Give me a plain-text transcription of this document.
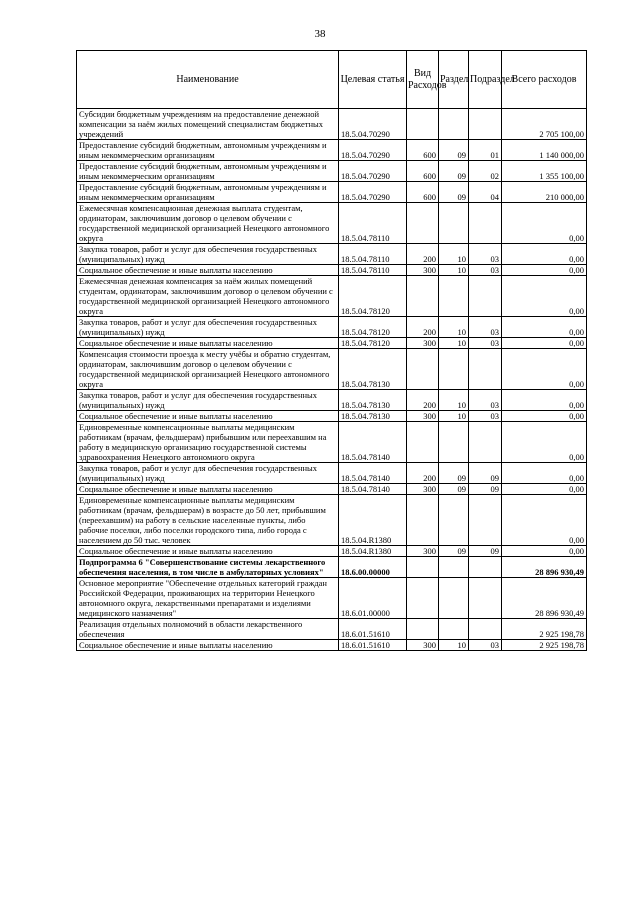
38
Наименование	Целевая статья	Вид Расходов	Раздел	Подраздел	Всего расходов
Субсидии бюджетным учреждениям на предоставление денежной компенсации за наём жилых помещений специалистам бюджетных учреждений	18.5.04.70290				2 705 100,00
Предоставление субсидий бюджетным, автономным учреждениям и иным некоммерческим организациям	18.5.04.70290	600	09	01	1 140 000,00
Предоставление субсидий бюджетным, автономным учреждениям и иным некоммерческим организациям	18.5.04.70290	600	09	02	1 355 100,00
Предоставление субсидий бюджетным, автономным учреждениям и иным некоммерческим организациям	18.5.04.70290	600	09	04	210 000,00
Ежемесячная компенсационная денежная выплата студентам, ординаторам, заключившим договор о целевом обучении с государственной медицинской организацией Ненецкого автономного округа	18.5.04.78110				0,00
Закупка товаров, работ и услуг для обеспечения государственных (муниципальных) нужд	18.5.04.78110	200	10	03	0,00
Социальное обеспечение и иные выплаты населению	18.5.04.78110	300	10	03	0,00
Ежемесячная денежная компенсация за наём жилых помещений студентам, ординаторам, заключившим договор о целевом обучении с государственной медицинской организацией Ненецкого автономного округа	18.5.04.78120				0,00
Закупка товаров, работ и услуг для обеспечения государственных (муниципальных) нужд	18.5.04.78120	200	10	03	0,00
Социальное обеспечение и иные выплаты населению	18.5.04.78120	300	10	03	0,00
Компенсация стоимости проезда к месту учёбы и обратно студентам, ординаторам, заключившим договор о целевом обучении с государственной медицинской организацией Ненецкого автономного округа	18.5.04.78130				0,00
Закупка товаров, работ и услуг для обеспечения государственных (муниципальных) нужд	18.5.04.78130	200	10	03	0,00
Социальное обеспечение и иные выплаты населению	18.5.04.78130	300	10	03	0,00
Единовременные компенсационные выплаты медицинским работникам (врачам, фельдшерам) прибывшим или переехавшим на работу в медицинскую организацию государственной системы здравоохранения Ненецкого автономного округа	18.5.04.78140				0,00
Закупка товаров, работ и услуг для обеспечения государственных (муниципальных) нужд	18.5.04.78140	200	09	09	0,00
Социальное обеспечение и иные выплаты населению	18.5.04.78140	300	09	09	0,00
Единовременные компенсационные выплаты медицинским работникам (врачам, фельдшерам) в возрасте до 50 лет, прибывшим (переехавшим) на работу в сельские населенные пункты, либо рабочие поселки, либо поселки городского типа, либо города с населением до 50 тыс. человек	18.5.04.R1380				0,00
Социальное обеспечение и иные выплаты населению	18.5.04.R1380	300	09	09	0,00
Подпрограмма 6 "Совершенствование системы лекарственного обеспечения населения, в том числе в амбулаторных условиях"	18.6.00.00000				28 896 930,49
Основное мероприятие "Обеспечение отдельных категорий граждан Российской Федерации, проживающих на территории Ненецкого автономного округа, лекарственными препаратами и изделиями медицинского назначения"	18.6.01.00000				28 896 930,49
Реализация отдельных полномочий в области лекарственного обеспечения	18.6.01.51610				2 925 198,78
Социальное обеспечение и иные выплаты населению	18.6.01.51610	300	10	03	2 925 198,78
